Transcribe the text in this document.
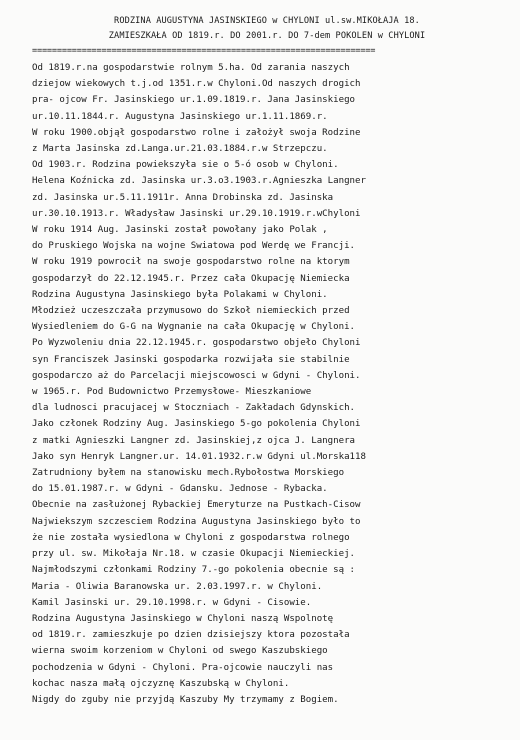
RODZINA AUGUSTYNA JASINSKIEGO w CHYLONI ul.sw.MIKOŁAJA 18.
ZAMIESZKAŁA OD 1819.r. DO 2001.r. DO 7-dem POKOLEN w CHYLONI
=====================================================================
Od 1819.r.na gospodarstwie rolnym 5.ha. Od zarania naszych
dziejow wiekowych t.j.od 1351.r.w Chyloni.Od naszych drogich
pra- ojcow Fr. Jasinskiego ur.1.09.1819.r. Jana Jasinskiego
ur.10.11.1844.r. Augustyna Jasinskiego ur.1.11.1869.r.
W roku 1900.objął gospodarstwo rolne i założył swoja Rodzine
z Marta Jasinska zd.Langa.ur.21.03.1884.r.w Strzepczu.
Od 1903.r. Rodzina powiekszyła sie o 5-ó osob w Chyloni.
Helena Koźnicka zd. Jasinska ur.3.o3.1903.r.Agnieszka Langner
zd. Jasinska ur.5.11.1911r. Anna Drobinska zd. Jasinska
ur.30.10.1913.r. Władysław Jasinski ur.29.10.1919.r.wChyloni
W roku 1914 Aug. Jasinski został powołany jako Polak ,
do Pruskiego Wojska na wojne Swiatowa pod Werdę we Francji.
W roku 1919 powrocił na swoje gospodarstwo rolne na ktorym
gospodarzył do 22.12.1945.r. Przez cała Okupację Niemiecka
Rodzina Augustyna Jasinskiego była Polakami w Chyloni.
Młodzież uczeszczała przymusowo do Szkoł niemieckich przed
Wysiedleniem do G-G na Wygnanie na cała Okupację w Chyloni.
Po Wyzwoleniu dnia 22.12.1945.r. gospodarstwo objeło Chyloni
syn Franciszek Jasinski gospodarka rozwijała sie stabilnie
gospodarczo aż do Parcelacji miejscowosci w Gdyni - Chyloni.
w 1965.r. Pod Budownictwo Przemysłowe- Mieszkaniowe
dla ludnosci pracujacej w Stoczniach - Zakładach Gdynskich.
Jako członek Rodziny Aug. Jasinskiego 5-go pokolenia Chyloni
z matki Agnieszki Langner zd. Jasinskiej,z ojca J. Langnera
Jako syn Henryk Langner.ur. 14.01.1932.r.w Gdyni ul.Morska118
Zatrudniony byłem na stanowisku mech.Rybołostwa Morskiego
do 15.01.1987.r. w Gdyni - Gdansku. Jednose - Rybacka.
Obecnie na zasłużonej Rybackiej Emeryturze na Pustkach-Cisow
Najwiekszym szczesciem Rodzina Augustyna Jasinskiego było to
że nie została wysiedlona w Chyloni z gospodarstwa rolnego
przy ul. sw. Mikołaja Nr.18. w czasie Okupacji Niemieckiej.
Najmłodszymi członkami Rodziny 7.-go pokolenia obecnie są :
Maria - Oliwia Baranowska ur. 2.03.1997.r. w Chyloni.
Kamil Jasinski ur. 29.10.1998.r. w Gdyni - Cisowie.
Rodzina Augustyna Jasinskiego w Chyloni naszą Wspolnotę
od 1819.r. zamieszkuje po dzien dzisiejszy ktora pozostała
wierna swoim korzeniom w Chyloni od swego Kaszubskiego
pochodzenia w Gdyni - Chyloni. Pra-ojcowie nauczyli nas
kochac nasza małą ojczyznę Kaszubską w Chyloni.
Nigdy do zguby nie przyjdą Kaszuby My trzymamy z Bogiem.
